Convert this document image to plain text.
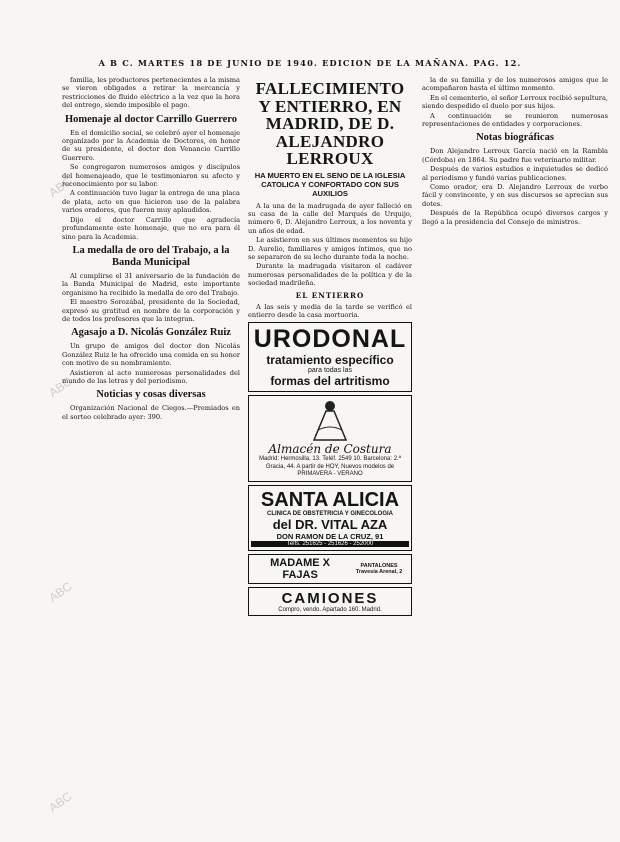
A B C. MARTES 18 DE JUNIO DE 1940. EDICION DE LA MAÑANA. PAG. 12.
ABC
ABC
ABC
ABC

familia, les productores pertenecientes a la misma se vieron obligados a retirar la mercancía y restricciones de fluido eléctrico a la vez que la hora del entrego, siendo imposible el pago.

Homenaje al doctor Carrillo Guerrero

En el domicilio social, se celebró ayer el homenaje organizado por la Academia de Doctores, en honor de su presidente, el doctor don Venancio Carrillo Guerrero.

Se congregaron numerosos amigos y discípulos del homenajeado, que le testimoniaron su afecto y reconocimiento por su labor.

A continuación tuvo lugar la entrega de una placa de plata, acto en que hicieron uso de la palabra varios oradores, que fueron muy aplaudidos.

Dijo el doctor Carrillo que agradecía profundamente este homenaje, que no era para él sino para la Academia.

La medalla de oro del Trabajo, a la Banda Municipal

Al cumplirse el 31 aniversario de la fundación de la Banda Municipal de Madrid, este importante organismo ha recibido la medalla de oro del Trabajo.

El maestro Sorozábal, presidente de la Sociedad, expresó su gratitud en nombre de la corporación y de todos los profesores que la integran.

Agasajo a D. Nicolás González Ruiz

Un grupo de amigos del doctor don Nicolás González Ruiz le ha ofrecido una comida en su honor con motivo de su nombramiento.

Asistieron al acto numerosas personalidades del mundo de las letras y del periodismo.

Noticias y cosas diversas

Organización Nacional de Ciegos.—Premiados en el sorteo celebrado ayer: 390.

FALLECIMIENTO Y ENTIERRO, EN MADRID, DE D. ALEJANDRO LERROUX
HA MUERTO EN EL SENO DE LA IGLESIA CATOLICA Y CONFORTADO CON SUS AUXILIOS

A la una de la madrugada de ayer falleció en su casa de la calle del Marqués de Urquijo, número 6, D. Alejandro Lerroux, a los noventa y un años de edad.

Le asistieron en sus últimos momentos su hijo D. Aurelio, familiares y amigos íntimos, que no se separaron de su lecho durante toda la noche.

Durante la madrugada visitaron el cadáver numerosas personalidades de la política y de la sociedad madrileña.

EL ENTIERRO

A las seis y media de la tarde se verificó el entierro desde la casa mortuoria.

URODONAL
tratamiento específico
para todas las
formas del artritismo
Almacén de Costura
Madrid: Hermosilla, 13. Teléf. 2549 10. Barcelona: 2.ª Gracia, 44. A partir de HOY, Nuevos modelos de PRIMAVERA - VERANO
SANTA ALICIA
CLINICA DE OBSTETRICIA Y GINECOLOGIA
del DR. VITAL AZA
DON RAMON DE LA CRUZ, 91
Telfs. 251625 - 251626 - 252000
MADAME X FAJAS
PANTALONES Travesía Arenal, 2
CAMIONES
Compro, vendo. Apartado 160. Madrid.

la de su familia y de los numerosos amigos que le acompañaron hasta el último momento.

En el cementerio, el señor Lerroux recibió sepultura, siendo despedido el duelo por sus hijos.

A continuación se reunieron numerosas representaciones de entidades y corporaciones.

Notas biográficas

Don Alejandro Lerroux García nació en la Rambla (Córdoba) en 1864. Su padre fue veterinario militar.

Después de varios estudios e inquietudes se dedicó al periodismo y fundó varias publicaciones.

Como orador, era D. Alejandro Lerroux de verbo fácil y convincente, y en sus discursos se aprecian sus dotes.

Después de la República ocupó diversos cargos y llegó a la presidencia del Consejo de ministros.
